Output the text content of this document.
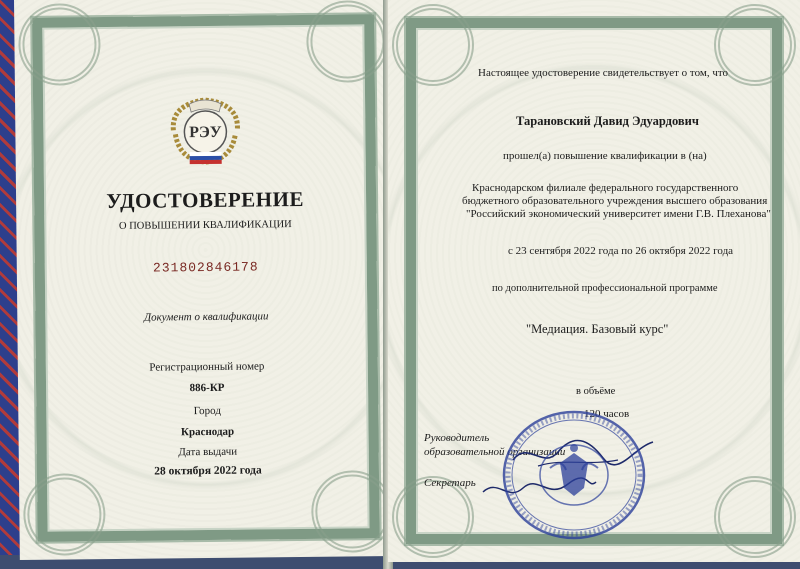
РЭУ
УДОСТОВЕРЕНИЕ
О ПОВЫШЕНИИ КВАЛИФИКАЦИИ
231802846178
Документ о квалификации
Регистрационный номер
886-КР
Город
Краснодар
Дата выдачи
28 октября 2022 года
Настоящее удостоверение свидетельствует о том, что
Тарановский Давид Эдуардович
прошел(а) повышение квалификации в (на)
Краснодарском филиале федерального государственного
бюджетного образовательного учреждения высшего образования
"Российский экономический университет имени Г.В. Плеханова"
с 23 сентября 2022 года по 26 октября 2022 года
по дополнительной профессиональной программе
"Медиация. Базовый курс"
в объёме
120 часов
Руководитель
образовательной организации
Секретарь
